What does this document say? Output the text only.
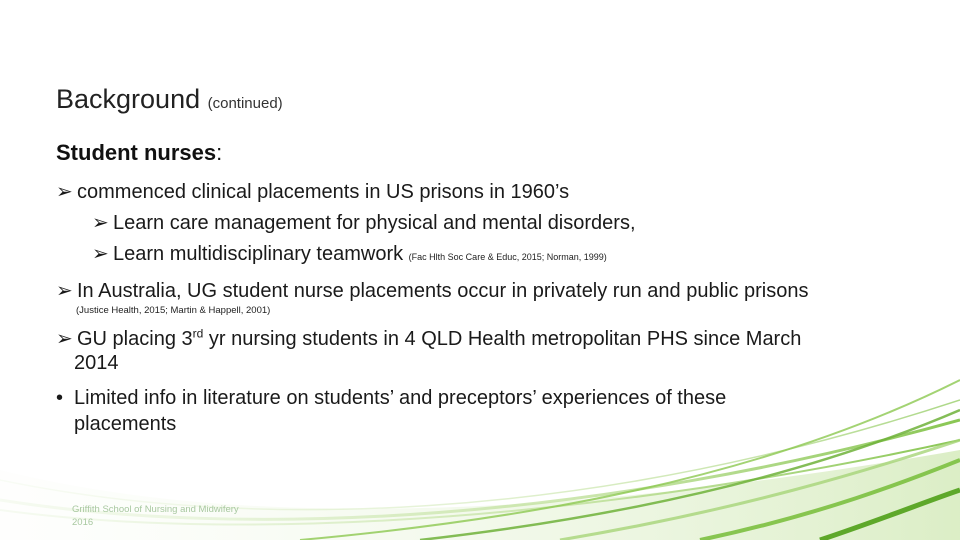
Background (continued)
Student nurses:
➢ commenced clinical placements in US prisons in 1960’s
➢ Learn care management for physical and mental disorders,
➢ Learn multidisciplinary teamwork (Fac Hlth Soc Care & Educ, 2015; Norman, 1999)
➢ In Australia, UG student nurse placements occur in privately run and public prisons
(Justice Health, 2015; Martin & Happell, 2001)
➢ GU placing 3rd yr nursing students in 4 QLD Health metropolitan PHS since March
2014
• Limited info in literature on students’ and preceptors’ experiences of these
placements
Griffith School of Nursing and Midwifery
2016
